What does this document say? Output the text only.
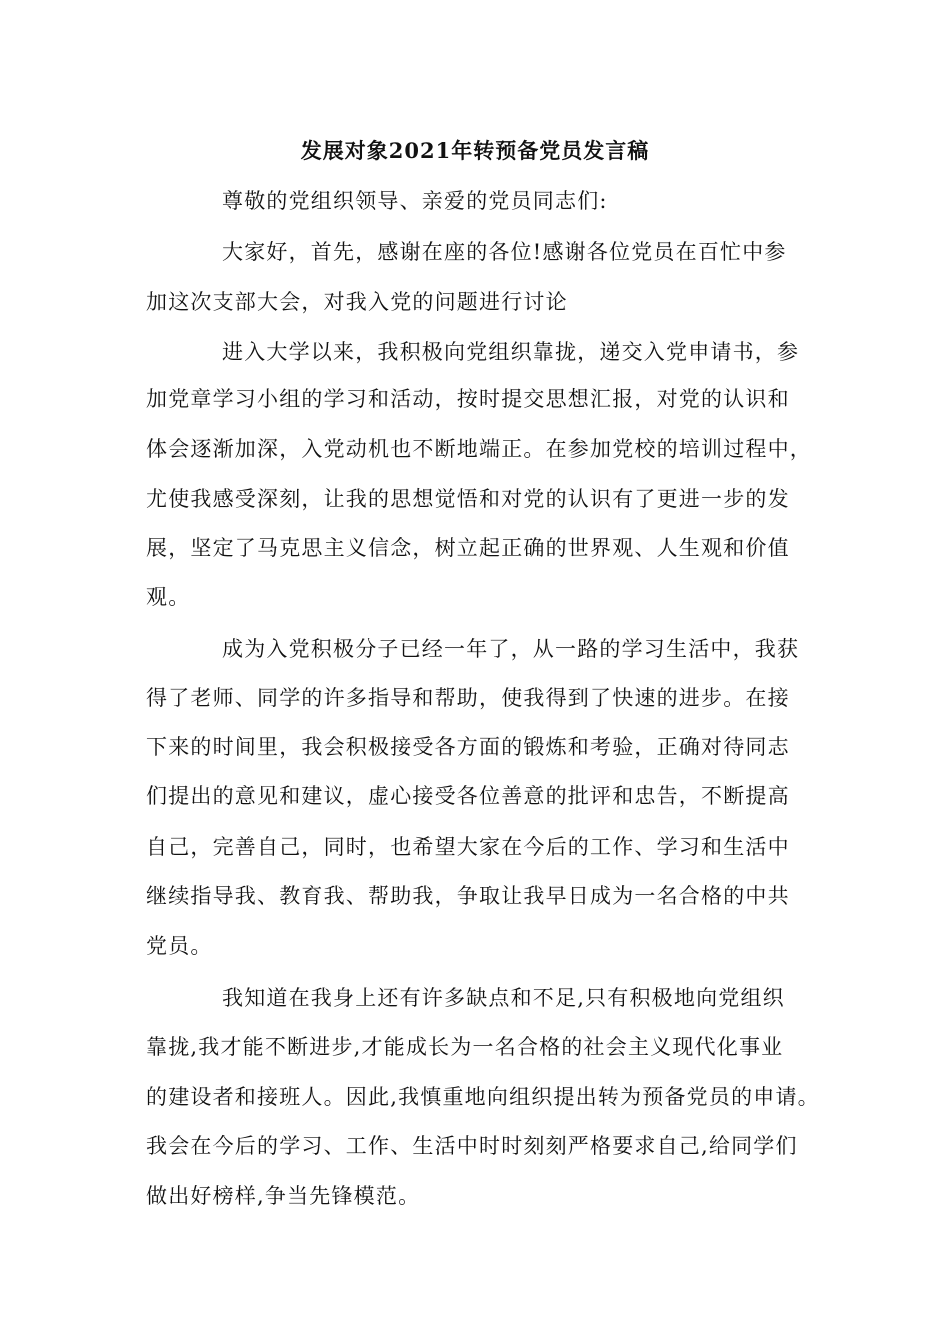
发展对象2021年转预备党员发言稿
尊敬的党组织领导、亲爱的党员同志们:
大家好，首先，感谢在座的各位!感谢各位党员在百忙中参
加这次支部大会，对我入党的问题进行讨论
进入大学以来，我积极向党组织靠拢，递交入党申请书，参
加党章学习小组的学习和活动，按时提交思想汇报，对党的认识和
体会逐渐加深，入党动机也不断地端正。在参加党校的培训过程中，
尤使我感受深刻，让我的思想觉悟和对党的认识有了更进一步的发
展，坚定了马克思主义信念，树立起正确的世界观、人生观和价值
观。
成为入党积极分子已经一年了，从一路的学习生活中，我获
得了老师、同学的许多指导和帮助，使我得到了快速的进步。在接
下来的时间里，我会积极接受各方面的锻炼和考验，正确对待同志
们提出的意见和建议，虚心接受各位善意的批评和忠告，不断提高
自己，完善自己，同时，也希望大家在今后的工作、学习和生活中
继续指导我、教育我、帮助我，争取让我早日成为一名合格的中共
党员。
我知道在我身上还有许多缺点和不足,只有积极地向党组织
靠拢,我才能不断进步,才能成长为一名合格的社会主义现代化事业
的建设者和接班人。因此,我慎重地向组织提出转为预备党员的申请。
我会在今后的学习、工作、生活中时时刻刻严格要求自己,给同学们
做出好榜样,争当先锋模范。
